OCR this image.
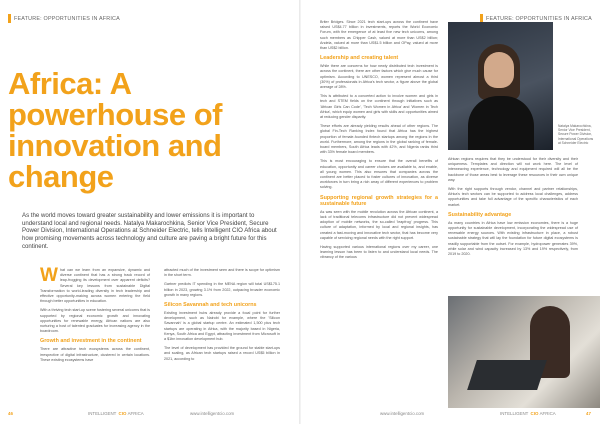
FEATURE: OPPORTUNITIES IN AFRICA
Africa: A powerhouse of innovation and change

As the world moves toward greater sustainability and lower emissions it is important to understand local and regional needs. Natalya Makarochkina, Senior Vice President, Secure Power Division, International Operations at Schneider Electric, tells Intelligent CIO Africa about how promising movements across technology and culture are paving a bright future for this continent.

What can we learn from an expansive, dynamic and diverse continent that has a strong track record of leap-frogging its development over apparent deficits? Several key lessons from sustainable Digital Transformation to world-leading diversity in tech leadership and effective opportunity-making across women entering the field through better opportunities in education.

With a thriving tech start-up scene fostering several unicorns that is supported by regional economic growth and innovating opportunities for renewable energy, African nations are also nurturing a host of talented graduates for increasing agency in the boardroom.

Growth and investment in the continent

There are attractive tech ecosystems across the continent, irrespective of digital infrastructure, clustered in certain locations. These existing ecosystems have

attracted much of the investment seen and there is scope for optimism in the short term.

Gartner predicts IT spending in the MENA region will total US$175.1 billion in 2023, growing 3.1% from 2022, outpacing broader economic growth in many regions.

Silicon Savannah and tech unicorns

Existing investment hubs already provide a focal point for further development, such as Nairobi for example, where the 'Silicon Savannah' is a global startup centre. An estimated 1,500 plus tech startups are operating in Africa, with the majority based in Nigeria, Kenya, South Africa and Egypt, attracting investment from Microsoft in a $1bn innovation development hub.

The level of development has provided the ground for stable start-ups and scaling, as African tech startups raised a record US$5 billion in 2021, according to

46	INTELLIGENT
CIO
AFRICA	www.intelligentcio.com
FEATURE: OPPORTUNITIES IN AFRICA

Briter Bridges. Since 2021 tech start-ups across the continent have raised US$4.77 billion in investments, reports the World Economic Forum, with the emergence of at least five new tech unicorns, among such members as Chipper Cash, valued at more than US$2 billion; Andela, valued at more than US$1.5 billion and OPay, valued at more than US$2 billion.

Leadership and creating talent

While there are concerns for how newly distributed tech investment is across the continent, there are other factors which give much cause for optimism. According to UNESCO, women represent almost a third (30%) of professionals in Africa's tech sector, a figure above the global average of 28%.

This is attributed to a concerted action to involve women and girls in tech and STEM fields on the continent through initiatives such as 'African Girls Can Code', 'Tech Women in Africa' and 'Women in Tech Africa', which equip women and girls with skills and opportunities aimed at reducing gender disparity.

These efforts are already yielding results ahead of other regions. The global Fin-Tech Ranking Index found that Africa has the highest proportion of female-founded fintech startups among the regions in the world. Furthermore, among the regions in the global ranking of female-board members, South Africa leads with 42%, and Nigeria ranks third with 33% female board members.

This is most encouraging to ensure that the overall benefits of education, opportunity and career choices are available to, and enable, all young women. This also ensures that companies across the continent are better placed to foster cultures of innovation, as diverse workforces in turn bring a rich array of different experiences to problem solving.

Supporting regional growth strategies for a sustainable future

As was seen with the mobile revolution across the African continent, a lack of traditional telecoms infrastructure did not prevent widespread adoption of mobile networks, the so-called 'leapfrog' progress. This culture of adaptation, informed by local and regional insights, has created a fast-moving and innovative tech sector, that has become very capable of servicing regional needs with the right support.

Having supported various international regions over my career, one learning lesson has been to listen to and understand local needs. The vibrancy of the various

Natalya Makarochkina, Senior Vice President, Secure Power Division, International Operations at Schneider Electric

African regions requires that they be understood for their diversity and their uniqueness. Templates and direction will not work here. The level of interweaving experience, technology and equipment required will all be the backbone of those areas best to leverage these resources in their own unique way.

With the right supports through vendor, channel and partner relationships, Africa's tech sectors can be supported to address local challenges, address opportunities and take full advantage of the specific characteristics of each market.

Sustainability advantage

As many countries in Africa have low emission economies, there is a huge opportunity for sustainable development, incorporating the widespread use of renewable energy sources. With existing infrastructure in place, a robust sustainable strategy that will lay the foundation for future digital ecosystems is readily supportable from the outset. For example, hydropower generates 39%, while solar and wind capacity increased by 13% and 19% respectively, from 2019 to 2020.

www.intelligentcio.com	INTELLIGENT
CIO
AFRICA	47
